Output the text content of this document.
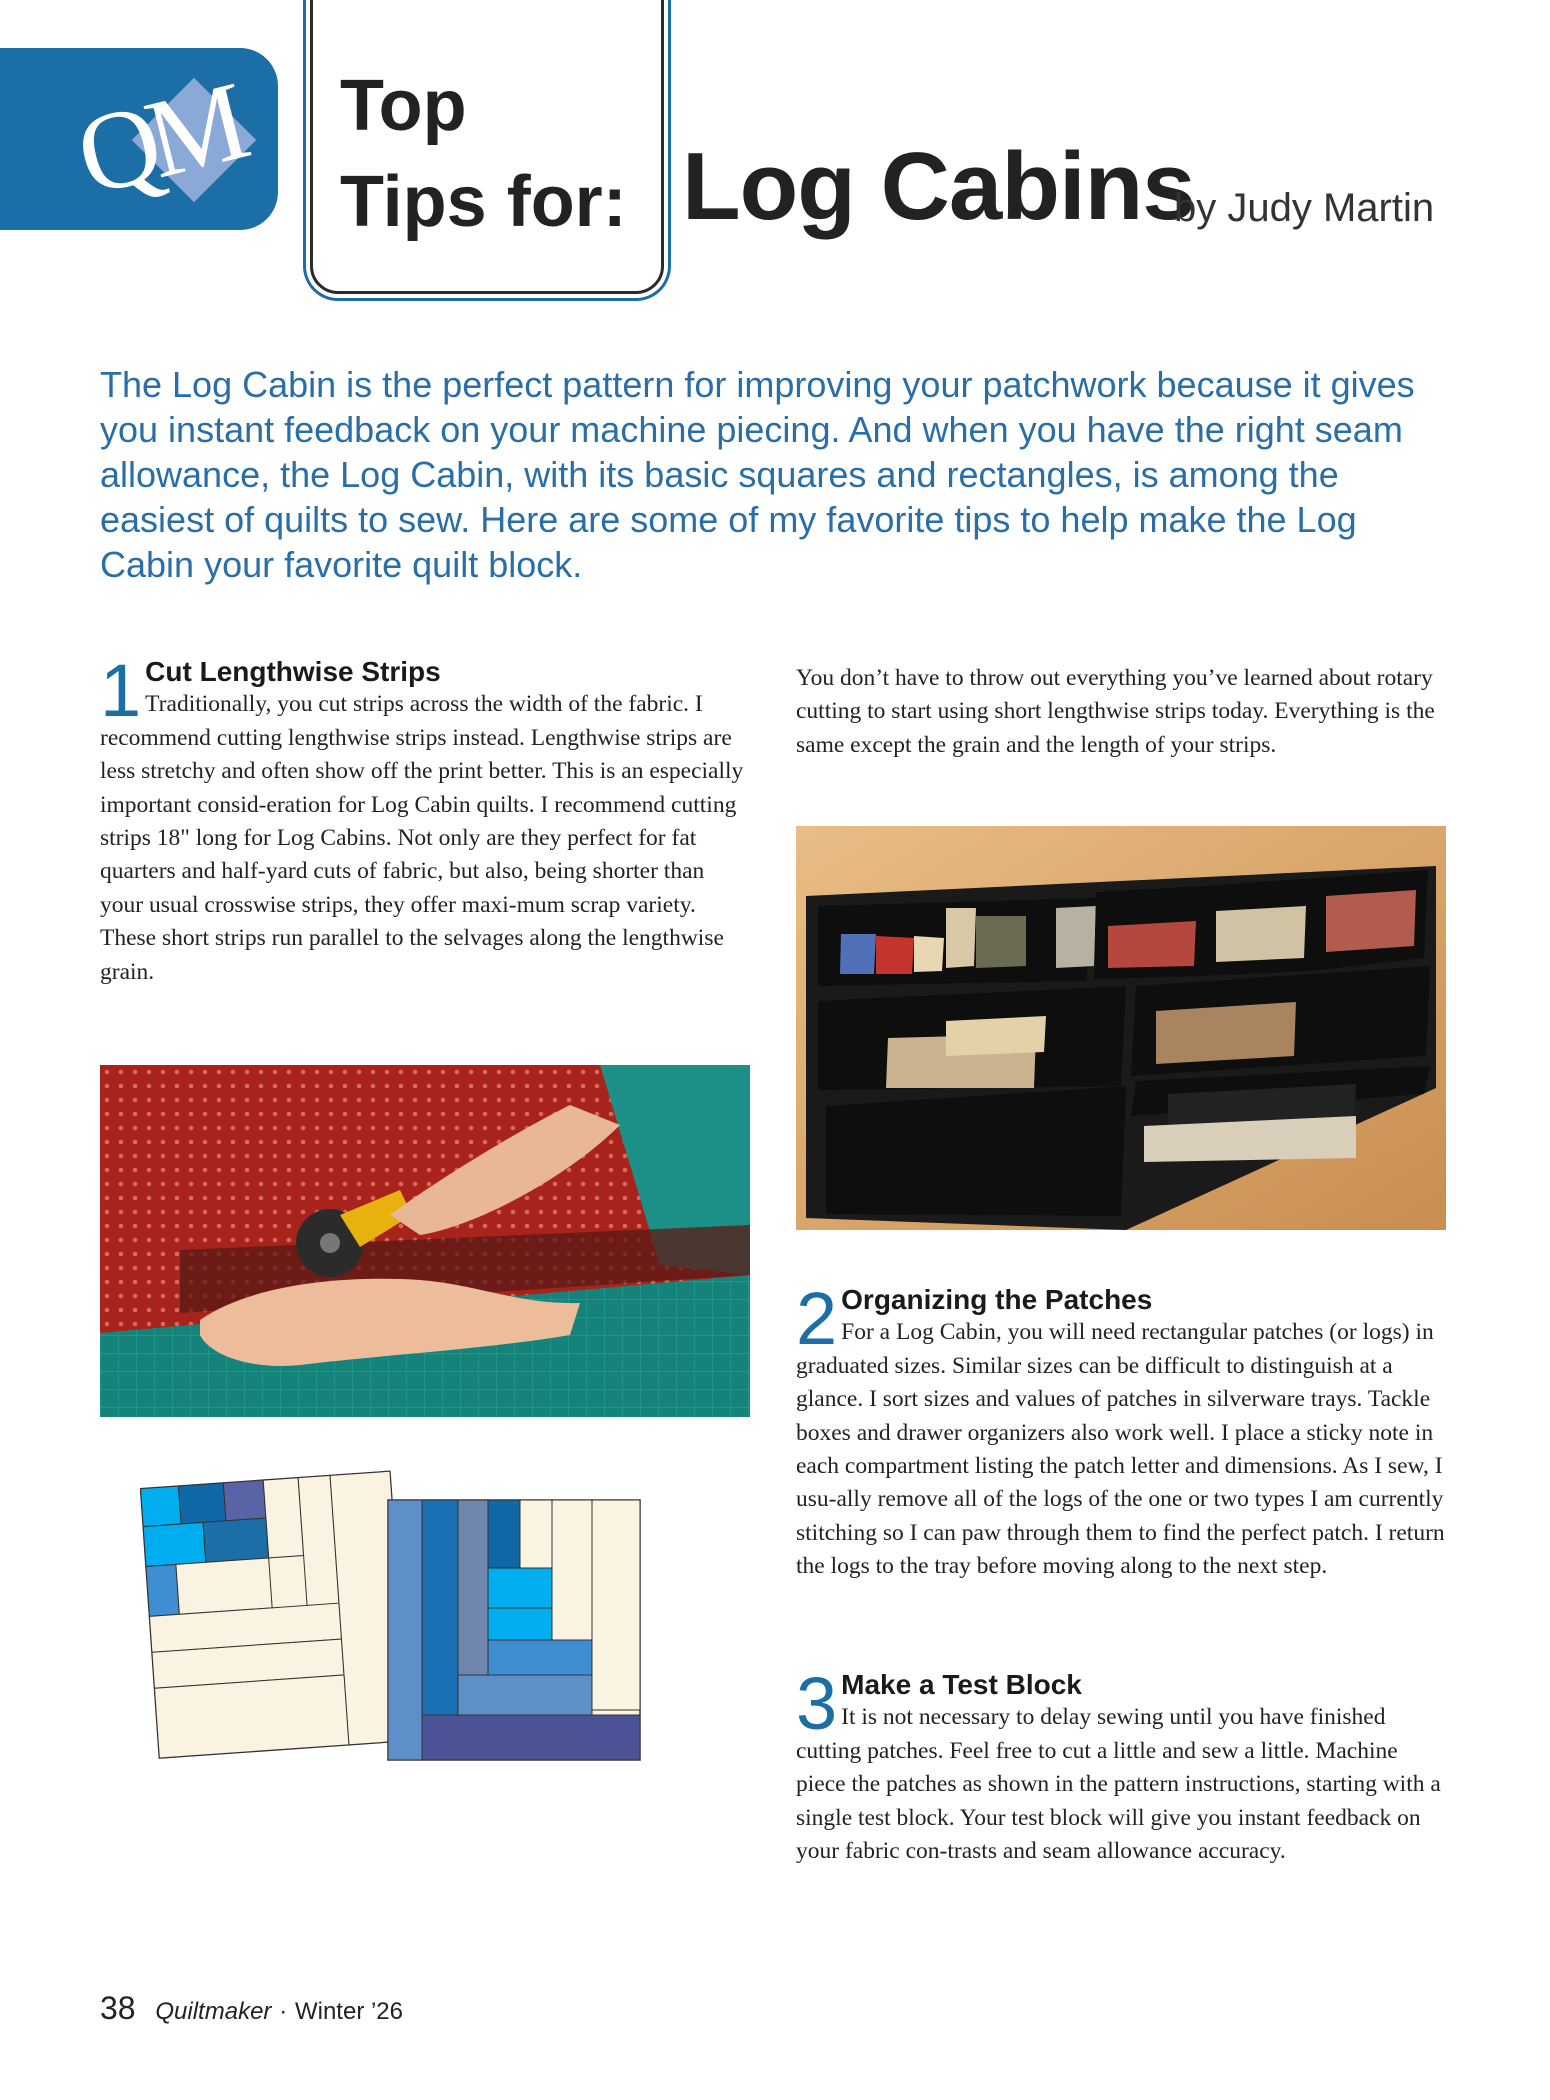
QM Top
Tips for: Log Cabins
by Judy Martin

The Log Cabin is the perfect pattern for improving your patchwork because it gives you instant feedback on your machine piecing. And when you have the right seam allowance, the Log Cabin, with its basic squares and rectangles, is among the easiest of quilts to sew. Here are some of my favorite tips to help make the Log Cabin your favorite quilt block.

1 Cut Lengthwise Strips

Traditionally, you cut strips across the width of the fabric. I recommend cutting lengthwise strips instead. Lengthwise strips are less stretchy and often show off the print better. This is an especially important consid-eration for Log Cabin quilts. I recommend cutting strips 18" long for Log Cabins. Not only are they perfect for fat quarters and half-yard cuts of fabric, but also, being shorter than your usual crosswise strips, they offer maxi-mum scrap variety. These short strips run parallel to the selvages along the lengthwise grain.

You don’t have to throw out everything you’ve learned about rotary cutting to start using short lengthwise strips today. Everything is the same except the grain and the length of your strips.

2 Organizing the Patches

For a Log Cabin, you will need rectangular patches (or logs) in graduated sizes. Similar sizes can be difficult to distinguish at a glance. I sort sizes and values of patches in silverware trays. Tackle boxes and drawer organizers also work well. I place a sticky note in each compartment listing the patch letter and dimensions. As I sew, I usu-ally remove all of the logs of the one or two types I am currently stitching so I can paw through them to find the perfect patch. I return the logs to the tray before moving along to the next step.

3 Make a Test Block

It is not necessary to delay sewing until you have finished cutting patches. Feel free to cut a little and sew a little. Machine piece the patches as shown in the pattern instructions, starting with a single test block. Your test block will give you instant feedback on your fabric con-trasts and seam allowance accuracy.

38 Quiltmaker · Winter ’26
